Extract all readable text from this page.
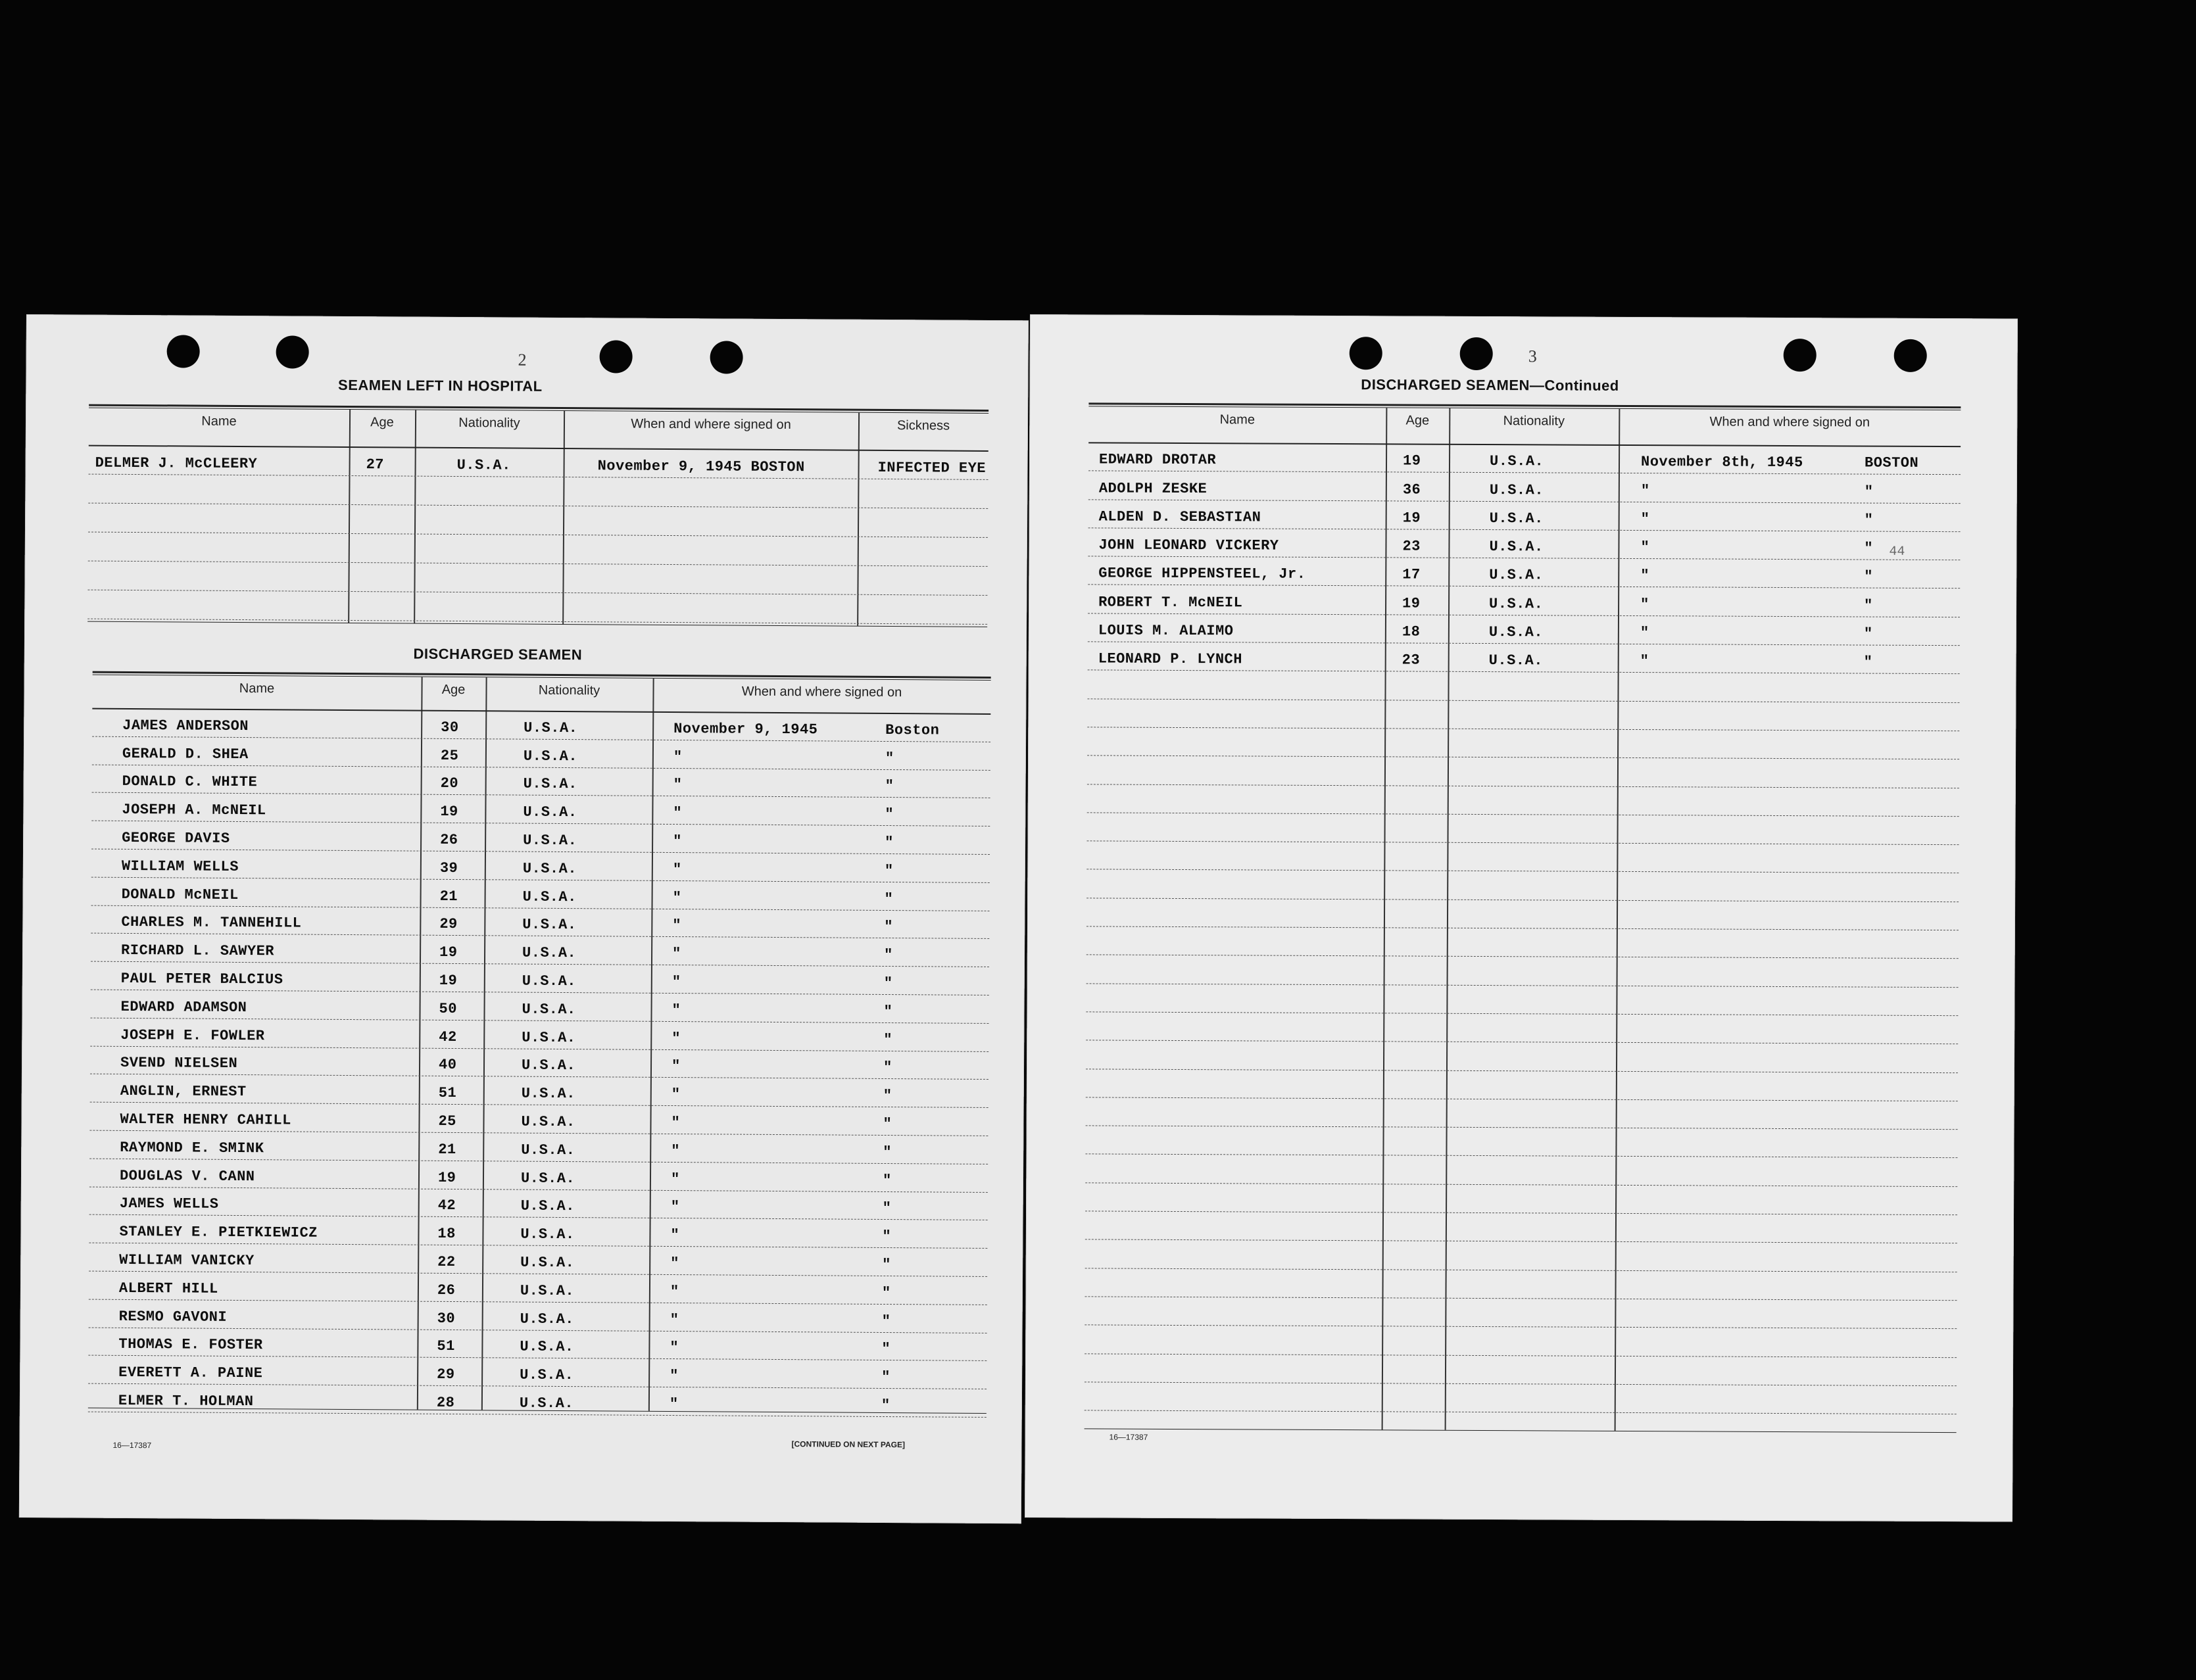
2
SEAMEN LEFT IN HOSPITAL
Name	Age	Nationality	When and where signed on	Sickness
DELMER J. McCLEERY	27	U.S.A.	November 9, 1945 BOSTON	INFECTED EYE
DISCHARGED SEAMEN
Name	Age	Nationality	When and where signed on
JAMES ANDERSON	30	U.S.A.	November 9, 1945	Boston
GERALD D. SHEA	25	U.S.A.	"	"
DONALD C. WHITE	20	U.S.A.	"	"
JOSEPH A. McNEIL	19	U.S.A.	"	"
GEORGE DAVIS	26	U.S.A.	"	"
WILLIAM WELLS	39	U.S.A.	"	"
DONALD McNEIL	21	U.S.A.	"	"
CHARLES M. TANNEHILL	29	U.S.A.	"	"
RICHARD L. SAWYER	19	U.S.A.	"	"
PAUL PETER BALCIUS	19	U.S.A.	"	"
EDWARD ADAMSON	50	U.S.A.	"	"
JOSEPH E. FOWLER	42	U.S.A.	"	"
SVEND NIELSEN	40	U.S.A.	"	"
ANGLIN, ERNEST	51	U.S.A.	"	"
WALTER HENRY CAHILL	25	U.S.A.	"	"
RAYMOND E. SMINK	21	U.S.A.	"	"
DOUGLAS V. CANN	19	U.S.A.	"	"
JAMES WELLS	42	U.S.A.	"	"
STANLEY E. PIETKIEWICZ	18	U.S.A.	"	"
WILLIAM VANICKY	22	U.S.A.	"	"
ALBERT HILL	26	U.S.A.	"	"
RESMO GAVONI	30	U.S.A.	"	"
THOMAS E. FOSTER	51	U.S.A.	"	"
EVERETT A. PAINE	29	U.S.A.	"	"
ELMER T. HOLMAN	28	U.S.A.	"	"
16—17387	[CONTINUED ON NEXT PAGE]
3
DISCHARGED SEAMEN—Continued
Name	Age	Nationality	When and where signed on
EDWARD DROTAR	19	U.S.A.	November 8th, 1945	BOSTON
ADOLPH ZESKE	36	U.S.A.	"	"
ALDEN D. SEBASTIAN	19	U.S.A.	"	"
JOHN LEONARD VICKERY	23	U.S.A.	"	"
GEORGE HIPPENSTEEL, Jr.	17	U.S.A.	"	"
ROBERT T. McNEIL	19	U.S.A.	"	"
LOUIS M. ALAIMO	18	U.S.A.	"	"
LEONARD P. LYNCH	23	U.S.A.	"	"
44
16—17387
